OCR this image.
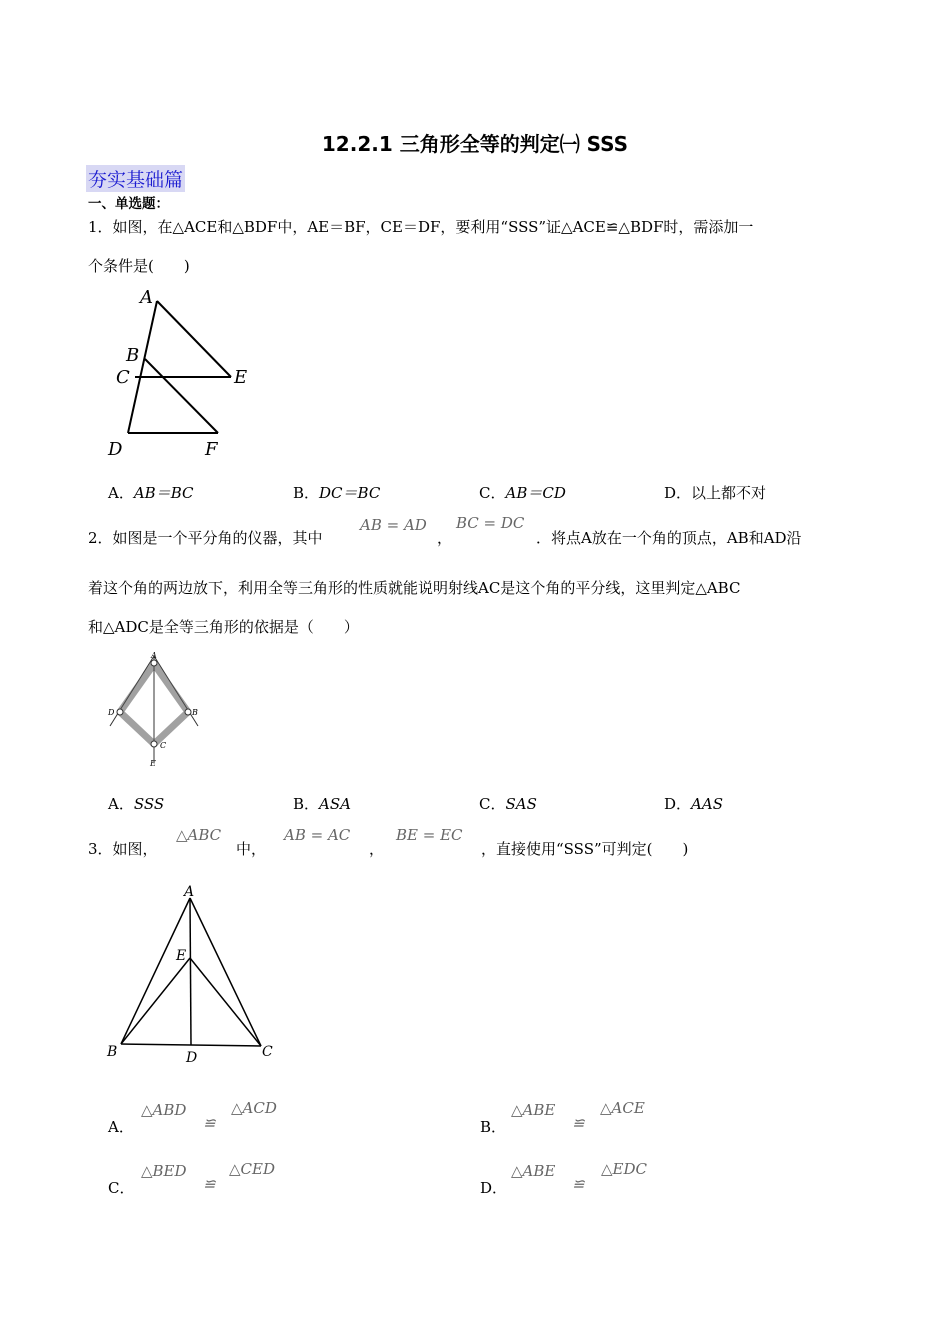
12.2.1 三角形全等的判定㈠ SSS
夯实基础篇
一、单选题：
1．如图，在△ACE和△BDF中，AE＝BF，CE＝DF，要利用“SSS”证△ACE≌△BDF时，需添加一
个条件是(　　)
A
B
C	E
D	F
A．AB＝BC	B．DC＝BC	C．AB＝CD	D．以上都不对
2．如图是一个平分角的仪器，其中
AB = AD
，
BC = DC
．将点A放在一个角的顶点，AB和AD沿
着这个角的两边放下，利用全等三角形的性质就能说明射线AC是这个角的平分线，这里判定△ABC
和△ADC是全等三角形的依据是（　　）
A
D	B
C
E
A．SSS	B．ASA	C．SAS	D．AAS
3．如图，
△ABC
中，
AB = AC
，
BE = EC
，直接使用“SSS”可判定(　　)
A
E
B	D	C
A．
△ABD
≌
△ACD
B．
△ABE
≌
△ACE
C．
△BED
≌
△CED
D．
△ABE
≌
△EDC
